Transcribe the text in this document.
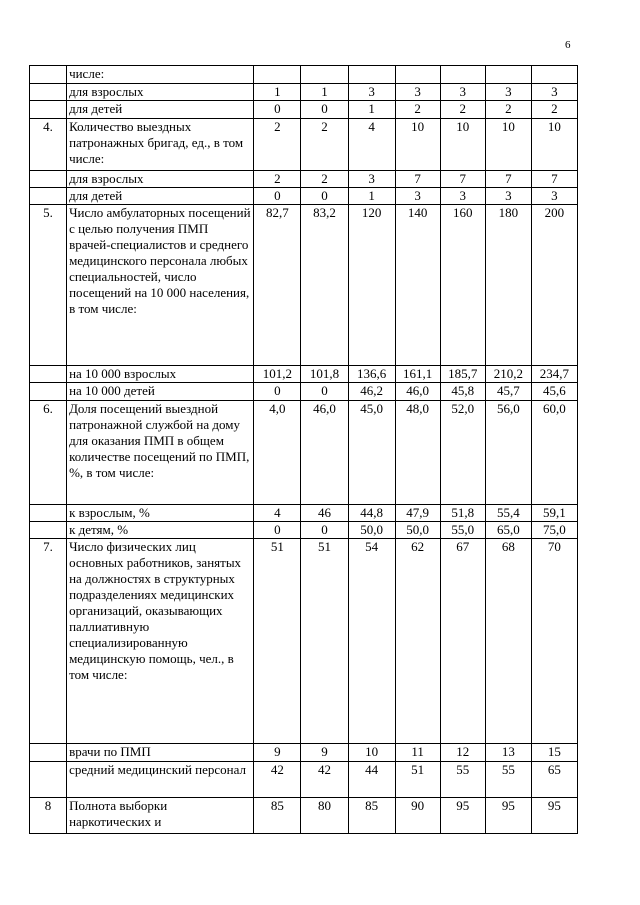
6
	числе:							
	для взрослых	1	1	3	3	3	3	3
	для детей	0	0	1	2	2	2	2
4.	Количество выездных патронажных бригад, ед., в том числе:	2	2	4	10	10	10	10
	для взрослых	2	2	3	7	7	7	7
	для детей	0	0	1	3	3	3	3
5.	Число амбулаторных посещений с целью получения ПМП врачей-специалистов и среднего медицинского персонала любых специальностей, число посещений на 10 000 населения, в том числе:	82,7	83,2	120	140	160	180	200
	на 10 000 взрослых	101,2	101,8	136,6	161,1	185,7	210,2	234,7
	на 10 000 детей	0	0	46,2	46,0	45,8	45,7	45,6
6.	Доля посещений выездной патронажной службой на дому для оказания ПМП в общем количестве посещений по ПМП, %, в том числе:	4,0	46,0	45,0	48,0	52,0	56,0	60,0
	к взрослым, %	4	46	44,8	47,9	51,8	55,4	59,1
	к детям, %	0	0	50,0	50,0	55,0	65,0	75,0
7.	Число физических лиц основных работников, занятых на должностях в структурных подразделениях медицинских организаций, оказывающих паллиативную специализированную медицинскую помощь, чел., в том числе:	51	51	54	62	67	68	70
	врачи по ПМП	9	9	10	11	12	13	15
	средний медицинский персонал	42	42	44	51	55	55	65
8	Полнота выборки наркотических и	85	80	85	90	95	95	95
